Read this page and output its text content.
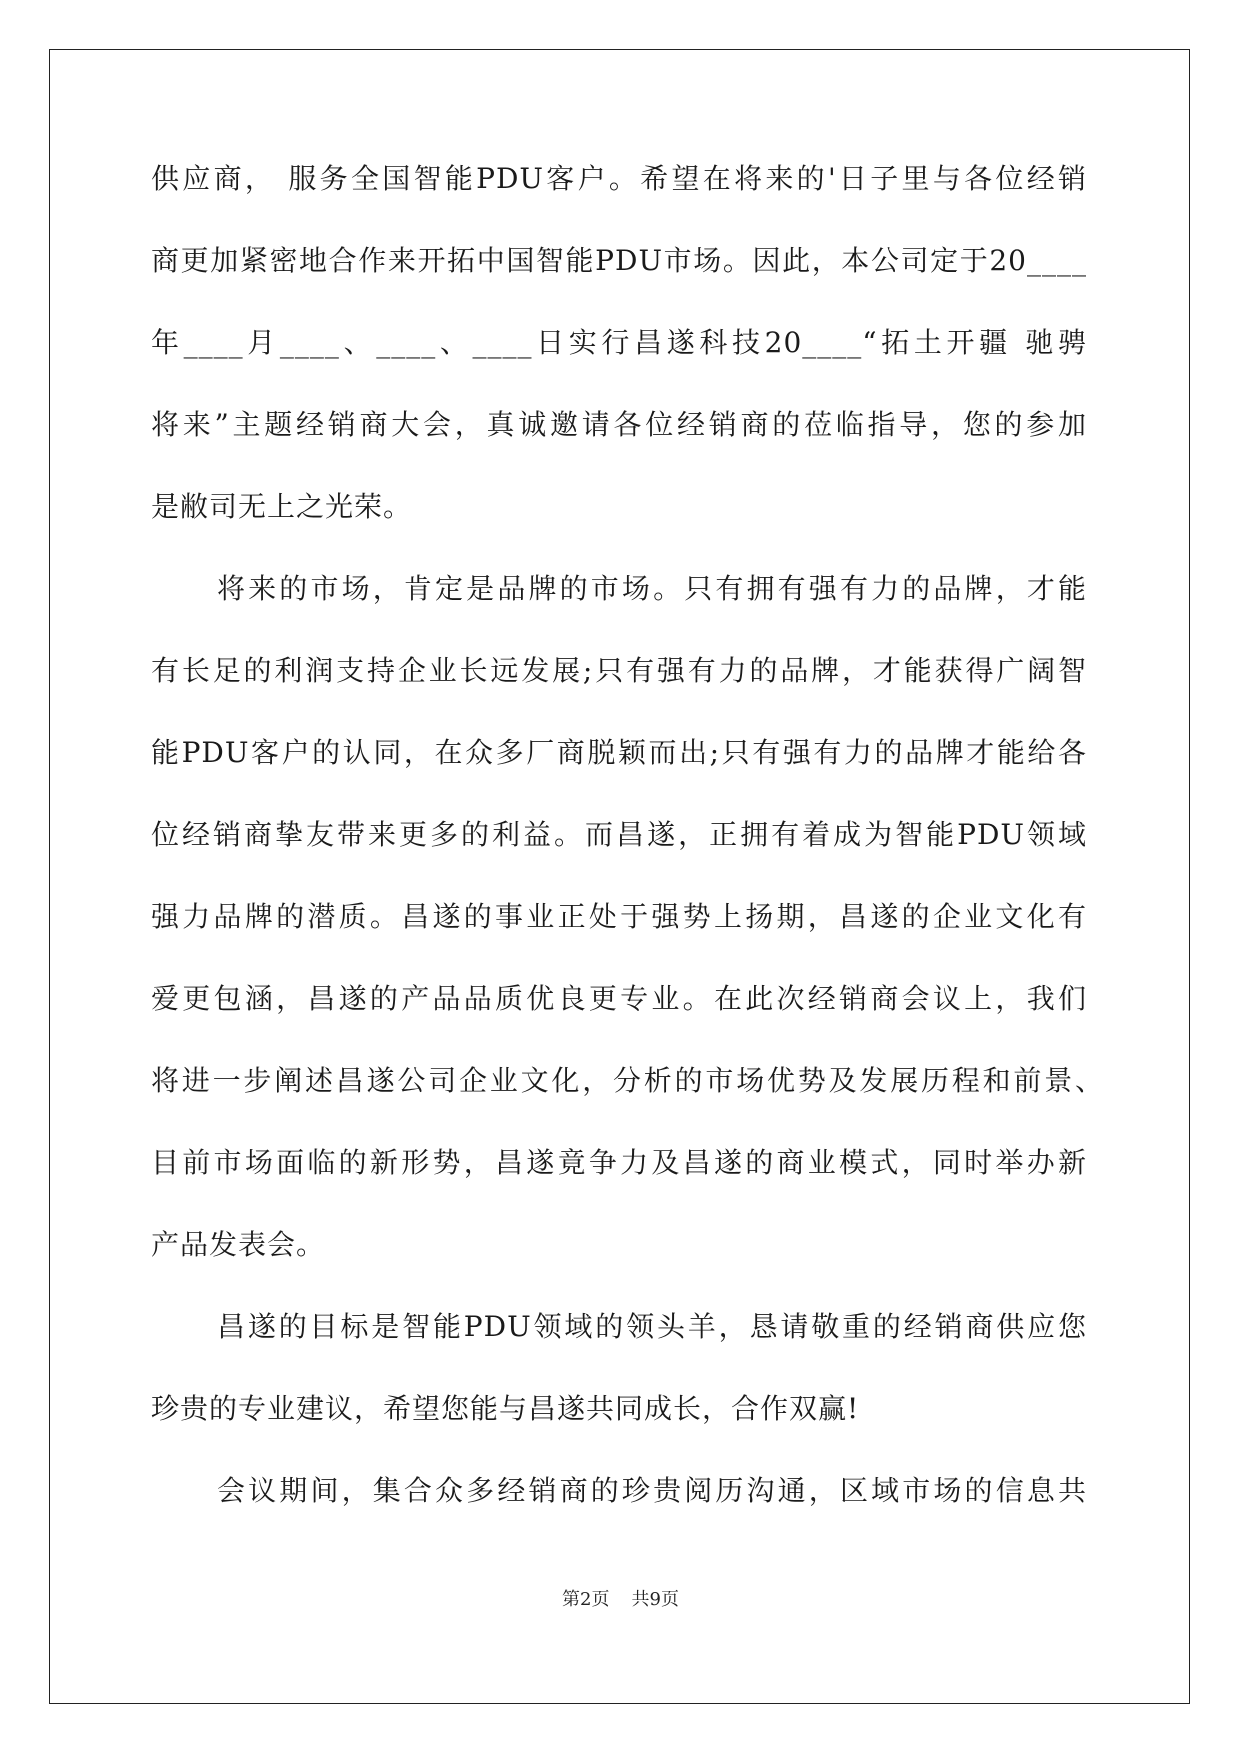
供应商， 服务全国智能PDU客户。希望在将来的'日子里与各位经销
商更加紧密地合作来开拓中国智能PDU市场。因此，本公司定于20____
年____月____、____、____日实行昌遂科技20____“拓土开疆 驰骋
将来”主题经销商大会，真诚邀请各位经销商的莅临指导，您的参加
是敝司无上之光荣。
将来的市场，肯定是品牌的市场。只有拥有强有力的品牌，才能
有长足的利润支持企业长远发展;只有强有力的品牌，才能获得广阔智
能PDU客户的认同，在众多厂商脱颖而出;只有强有力的品牌才能给各
位经销商挚友带来更多的利益。而昌遂，正拥有着成为智能PDU领域
强力品牌的潜质。昌遂的事业正处于强势上扬期，昌遂的企业文化有
爱更包涵，昌遂的产品品质优良更专业。在此次经销商会议上，我们
将进一步阐述昌遂公司企业文化，分析的市场优势及发展历程和前景、
目前市场面临的新形势，昌遂竟争力及昌遂的商业模式，同时举办新
产品发表会。
昌遂的目标是智能PDU领域的领头羊，恳请敬重的经销商供应您
珍贵的专业建议，希望您能与昌遂共同成长，合作双赢!
会议期间，集合众多经销商的珍贵阅历沟通，区域市场的信息共
第2页 共9页
